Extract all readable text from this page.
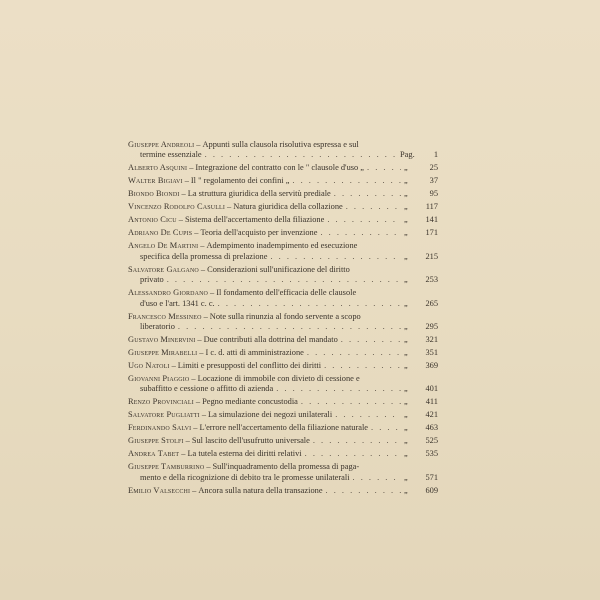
Giuseppe Andreoli – Appunti sulla clausola risolutiva espressa e sul
termine essenziale . . .	Pag.	1
Alberto Asquini – Integrazione del contratto con le " clausole d'uso „ . . .	„	25
Walter Bigiavi – Il " regolamento dei confini „ . . .	„	37
Biondo Biondi – La struttura giuridica della servitù prediale . . .	„	95
Vincenzo Rodolfo Casulli – Natura giuridica della collazione . . .	„	117
Antonio Cicu – Sistema dell'accertamento della filiazione . . .	„	141
Adriano De Cupis – Teoria dell'acquisto per invenzione . . .	„	171
Angelo De Martini – Adempimento inadempimento ed esecuzione
specifica della promessa di prelazione . . .	„	215
Salvatore Galgano – Considerazioni sull'unificazione del diritto
privato . . .	„	253
Alessandro Giordano – Il fondamento dell'efficacia delle clausole
d'uso e l'art. 1341 c. c. . . .	„	265
Francesco Messineo – Note sulla rinunzia al fondo servente a scopo
liberatorio . . .	„	295
Gustavo Minervini – Due contributi alla dottrina del mandato . . .	„	321
Giuseppe Mirabelli – I c. d. atti di amministrazione . . .	„	351
Ugo Natoli – Limiti e presupposti del conflitto dei diritti . . .	„	369
Giovanni Piaggio – Locazione di immobile con divieto di cessione e
subaffitto e cessione o affitto di azienda . . .	„	401
Renzo Provinciali – Pegno mediante concustodia . . .	„	411
Salvatore Pugliatti – La simulazione dei negozi unilaterali . . .	„	421
Ferdinando Salvi – L'errore nell'accertamento della filiazione naturale . . .	„	463
Giuseppe Stolfi – Sul lascito dell'usufrutto universale . . .	„	525
Andrea Tabet – La tutela esterna dei diritti relativi . . .	„	535
Giuseppe Tamburrino – Sull'inquadramento della promessa di paga-
mento e della ricognizione di debito tra le promesse unilaterali . . .	„	571
Emilio Valsecchi – Ancora sulla natura della transazione . . .	„	609
